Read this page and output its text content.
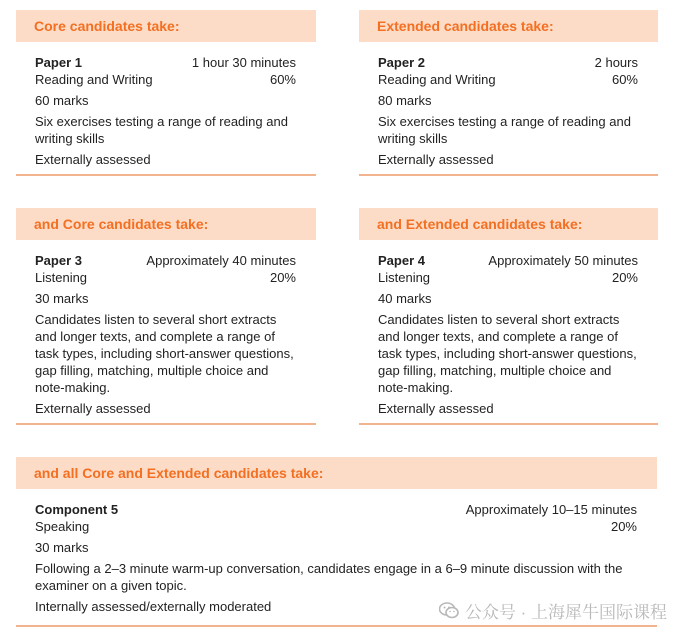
Core candidates take:
Paper 1	1 hour 30 minutes
Reading and Writing	60%
60 marks
Six exercises testing a range of reading and writing skills
Externally assessed
Extended candidates take:
Paper 2	2 hours
Reading and Writing	60%
80 marks
Six exercises testing a range of reading and writing skills
Externally assessed
and Core candidates take:
Paper 3	Approximately 40 minutes
Listening	20%
30 marks
Candidates listen to several short extracts and longer texts, and complete a range of task types, including short-answer questions, gap filling, matching, multiple choice and note-making.
Externally assessed
and Extended candidates take:
Paper 4	Approximately 50 minutes
Listening	20%
40 marks
Candidates listen to several short extracts and longer texts, and complete a range of task types, including short-answer questions, gap filling, matching, multiple choice and note-making.
Externally assessed
and all Core and Extended candidates take:
Component 5	Approximately 10–15 minutes
Speaking	20%
30 marks
Following a 2–3 minute warm-up conversation, candidates engage in a 6–9 minute discussion with the examiner on a given topic.
Internally assessed/externally moderated	公众号 · 上海犀牛国际课程
